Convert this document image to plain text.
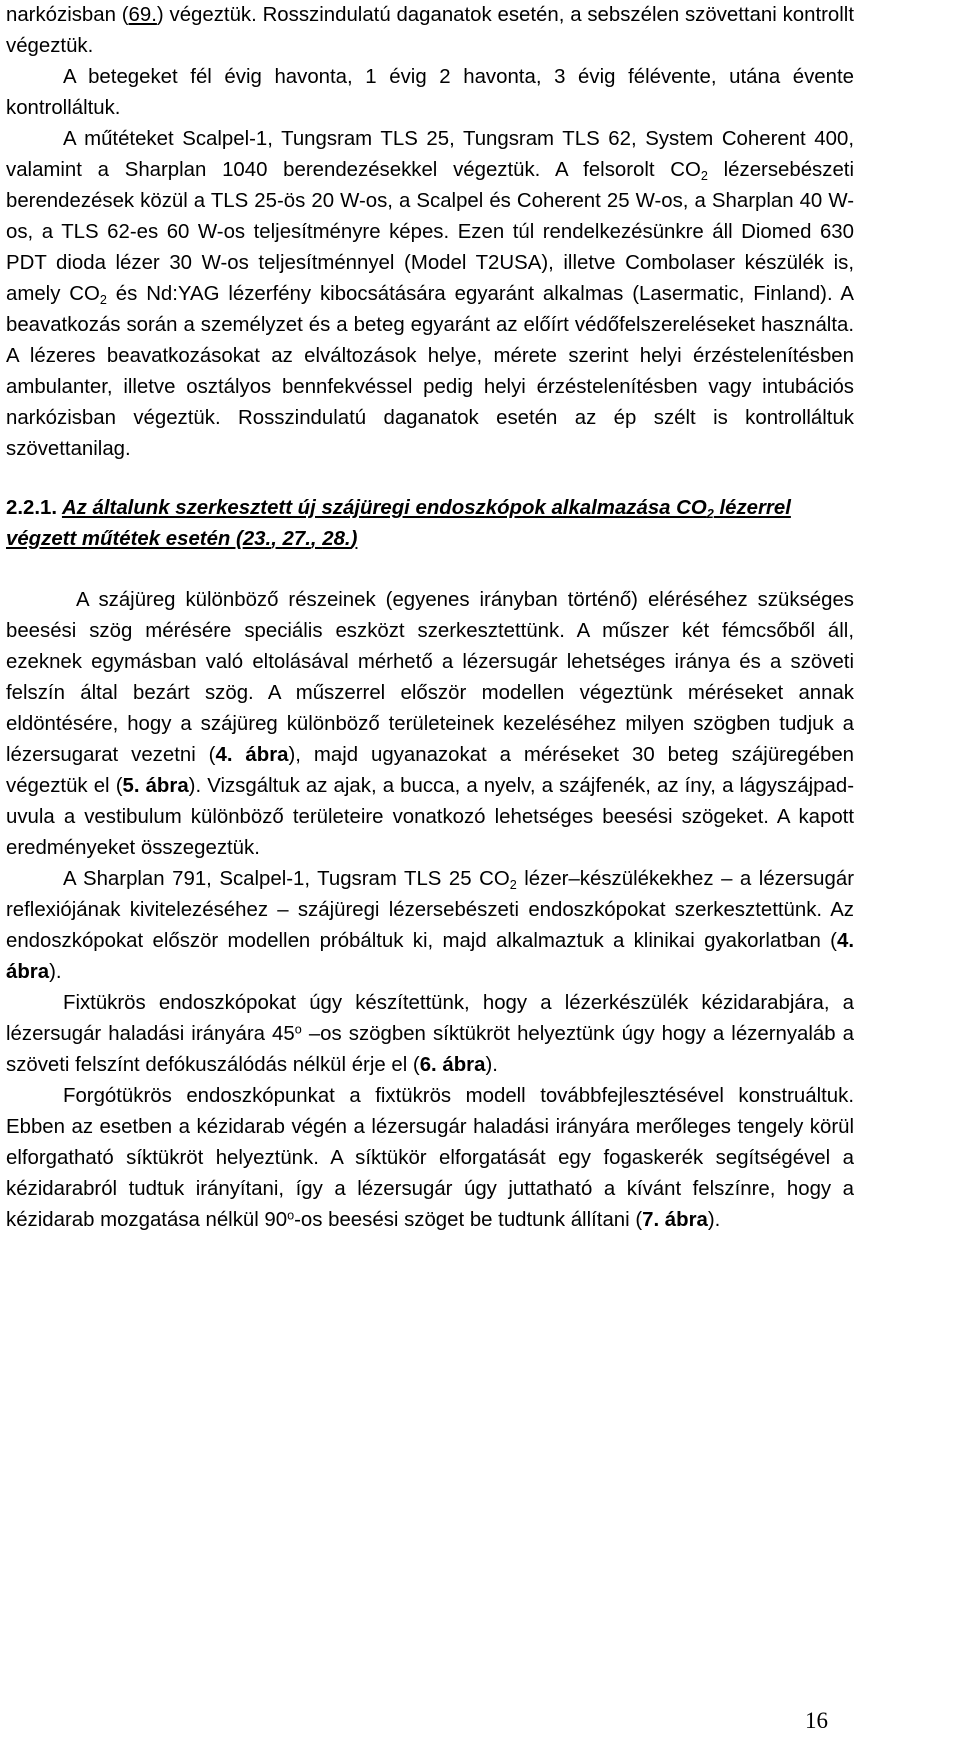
narkózisban (69.) végeztük. Rosszindulatú daganatok esetén, a sebszélen szövettani kontrollt végeztük.

A betegeket fél évig havonta, 1 évig 2 havonta, 3 évig félévente, utána évente kontrolláltuk.

A műtéteket Scalpel-1, Tungsram TLS 25, Tungsram TLS 62, System Coherent 400, valamint a Sharplan 1040 berendezésekkel végeztük. A felsorolt $CO_2$ lézersebészeti berendezések közül a TLS 25-ös 20 W-os, a Scalpel és Coherent 25 W-os, a Sharplan 40 W-os, a TLS 62-es 60 W-os teljesítményre képes. Ezen túl rendelkezésünkre áll Diomed 630 PDT dioda lézer 30 W-os teljesítménnyel (Model T2USA), illetve Combolaser készülék is, amely $CO_2$ és Nd:YAG lézerfény kibocsátására egyaránt alkalmas (Lasermatic, Finland). A beavatkozás során a személyzet és a beteg egyaránt az előírt védőfelszereléseket használta. A lézeres beavatkozásokat az elváltozások helye, mérete szerint helyi érzéstelenítésben ambulanter, illetve osztályos bennfekvéssel pedig helyi érzéstelenítésben vagy intubációs narkózisban végeztük. Rosszindulatú daganatok esetén az ép szélt is kontrolláltuk szövettanilag.

2.2.1. Az általunk szerkesztett új szájüregi endoszkópok alkalmazása $CO_2$ lézerrel végzett műtétek esetén (23., 27., 28.)

A szájüreg különböző részeinek (egyenes irányban történő) eléréséhez szükséges beesési szög mérésére speciális eszközt szerkesztettünk. A műszer két fémcsőből áll, ezeknek egymásban való eltolásával mérhető a lézersugár lehetséges iránya és a szöveti felszín által bezárt szög. A műszerrel először modellen végeztünk méréseket annak eldöntésére, hogy a szájüreg különböző területeinek kezeléséhez milyen szögben tudjuk a lézersugarat vezetni (4. ábra), majd ugyanazokat a méréseket 30 beteg szájüregében végeztük el (5. ábra). Vizsgáltuk az ajak, a bucca, a nyelv, a szájfenék, az íny, a lágyszájpad-uvula a vestibulum különböző területeire vonatkozó lehetséges beesési szögeket. A kapott eredményeket összegeztük.

A Sharplan 791, Scalpel-1, Tugsram TLS 25 $CO_2$ lézer–készülékekhez – a lézersugár reflexiójának kivitelezéséhez – szájüregi lézersebészeti endoszkópokat szerkesztettünk. Az endoszkópokat először modellen próbáltuk ki, majd alkalmaztuk a klinikai gyakorlatban (4. ábra).

Fixtükrös endoszkópokat úgy készítettünk, hogy a lézerkészülék kézidarabjára, a lézersugár haladási irányára 45$^o$ –os szögben síktükröt helyeztünk úgy hogy a lézernyaláb a szöveti felszínt defókuszálódás nélkül érje el (6. ábra).

Forgótükrös endoszkópunkat a fixtükrös modell továbbfejlesztésével konstruáltuk. Ebben az esetben a kézidarab végén a lézersugár haladási irányára merőleges tengely körül elforgatható síktükröt helyeztünk. A síktükör elforgatását egy fogaskerék segítségével a kézidarabról tudtuk irányítani, így a lézersugár úgy juttatható a kívánt felszínre, hogy a kézidarab mozgatása nélkül 90$^o$-os beesési szöget be tudtunk állítani (7. ábra).

16
